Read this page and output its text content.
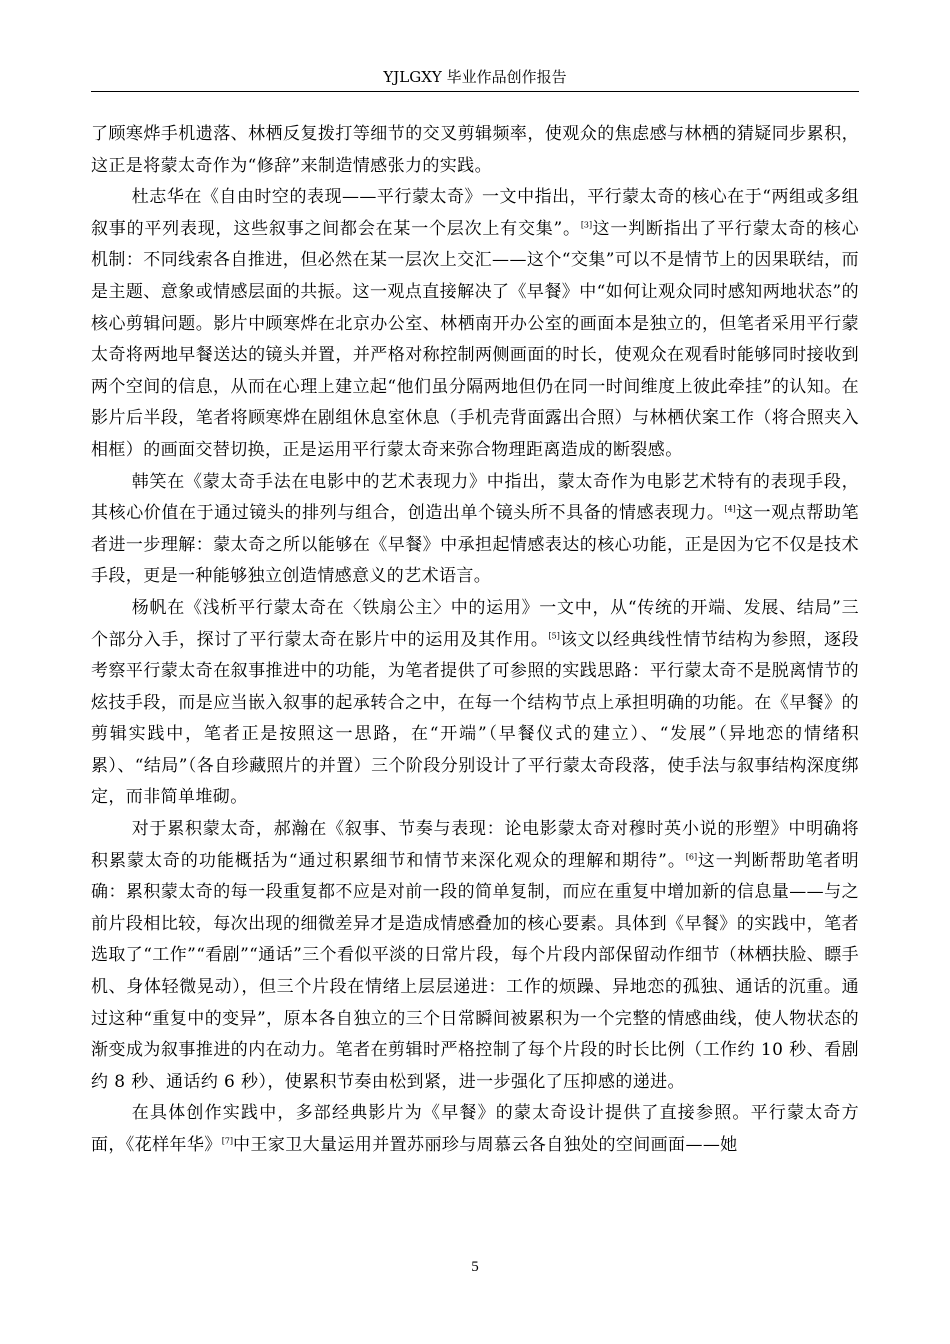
YJLGXY 毕业作品创作报告

了顾寒烨手机遗落、林栖反复拨打等细节的交叉剪辑频率，使观众的焦虑感与林栖的猜疑同步累积，这正是将蒙太奇作为“修辞”来制造情感张力的实践。

杜志华在《自由时空的表现——平行蒙太奇》一文中指出，平行蒙太奇的核心在于“两组或多组叙事的平列表现，这些叙事之间都会在某一个层次上有交集”。[3]这一判断指出了平行蒙太奇的核心机制：不同线索各自推进，但必然在某一层次上交汇——这个“交集”可以不是情节上的因果联结，而是主题、意象或情感层面的共振。这一观点直接解决了《早餐》中“如何让观众同时感知两地状态”的核心剪辑问题。影片中顾寒烨在北京办公室、林栖南开办公室的画面本是独立的，但笔者采用平行蒙太奇将两地早餐送达的镜头并置，并严格对称控制两侧画面的时长，使观众在观看时能够同时接收到两个空间的信息，从而在心理上建立起“他们虽分隔两地但仍在同一时间维度上彼此牵挂”的认知。在影片后半段，笔者将顾寒烨在剧组休息室休息（手机壳背面露出合照）与林栖伏案工作（将合照夹入相框）的画面交替切换，正是运用平行蒙太奇来弥合物理距离造成的断裂感。

韩笑在《蒙太奇手法在电影中的艺术表现力》中指出，蒙太奇作为电影艺术特有的表现手段，其核心价值在于通过镜头的排列与组合，创造出单个镜头所不具备的情感表现力。[4]这一观点帮助笔者进一步理解：蒙太奇之所以能够在《早餐》中承担起情感表达的核心功能，正是因为它不仅是技术手段，更是一种能够独立创造情感意义的艺术语言。

杨帆在《浅析平行蒙太奇在〈铁扇公主〉中的运用》一文中，从“传统的开端、发展、结局”三个部分入手，探讨了平行蒙太奇在影片中的运用及其作用。[5]该文以经典线性情节结构为参照，逐段考察平行蒙太奇在叙事推进中的功能，为笔者提供了可参照的实践思路：平行蒙太奇不是脱离情节的炫技手段，而是应当嵌入叙事的起承转合之中，在每一个结构节点上承担明确的功能。在《早餐》的剪辑实践中，笔者正是按照这一思路，在“开端”（早餐仪式的建立）、“发展”（异地恋的情绪积累）、“结局”（各自珍藏照片的并置）三个阶段分别设计了平行蒙太奇段落，使手法与叙事结构深度绑定，而非简单堆砌。

对于累积蒙太奇，郝瀚在《叙事、节奏与表现：论电影蒙太奇对穆时英小说的形塑》中明确将积累蒙太奇的功能概括为“通过积累细节和情节来深化观众的理解和期待”。[6]这一判断帮助笔者明确：累积蒙太奇的每一段重复都不应是对前一段的简单复制，而应在重复中增加新的信息量——与之前片段相比较，每次出现的细微差异才是造成情感叠加的核心要素。具体到《早餐》的实践中，笔者选取了“工作”“看剧”“通话”三个看似平淡的日常片段，每个片段内部保留动作细节（林栖扶脸、瞟手机、身体轻微晃动），但三个片段在情绪上层层递进：工作的烦躁、异地恋的孤独、通话的沉重。通过这种“重复中的变异”，原本各自独立的三个日常瞬间被累积为一个完整的情感曲线，使人物状态的渐变成为叙事推进的内在动力。笔者在剪辑时严格控制了每个片段的时长比例（工作约 10 秒、看剧约 8 秒、通话约 6 秒），使累积节奏由松到紧，进一步强化了压抑感的递进。

在具体创作实践中，多部经典影片为《早餐》的蒙太奇设计提供了直接参照。平行蒙太奇方面，《花样年华》[7]中王家卫大量运用并置苏丽珍与周慕云各自独处的空间画面——她

5
